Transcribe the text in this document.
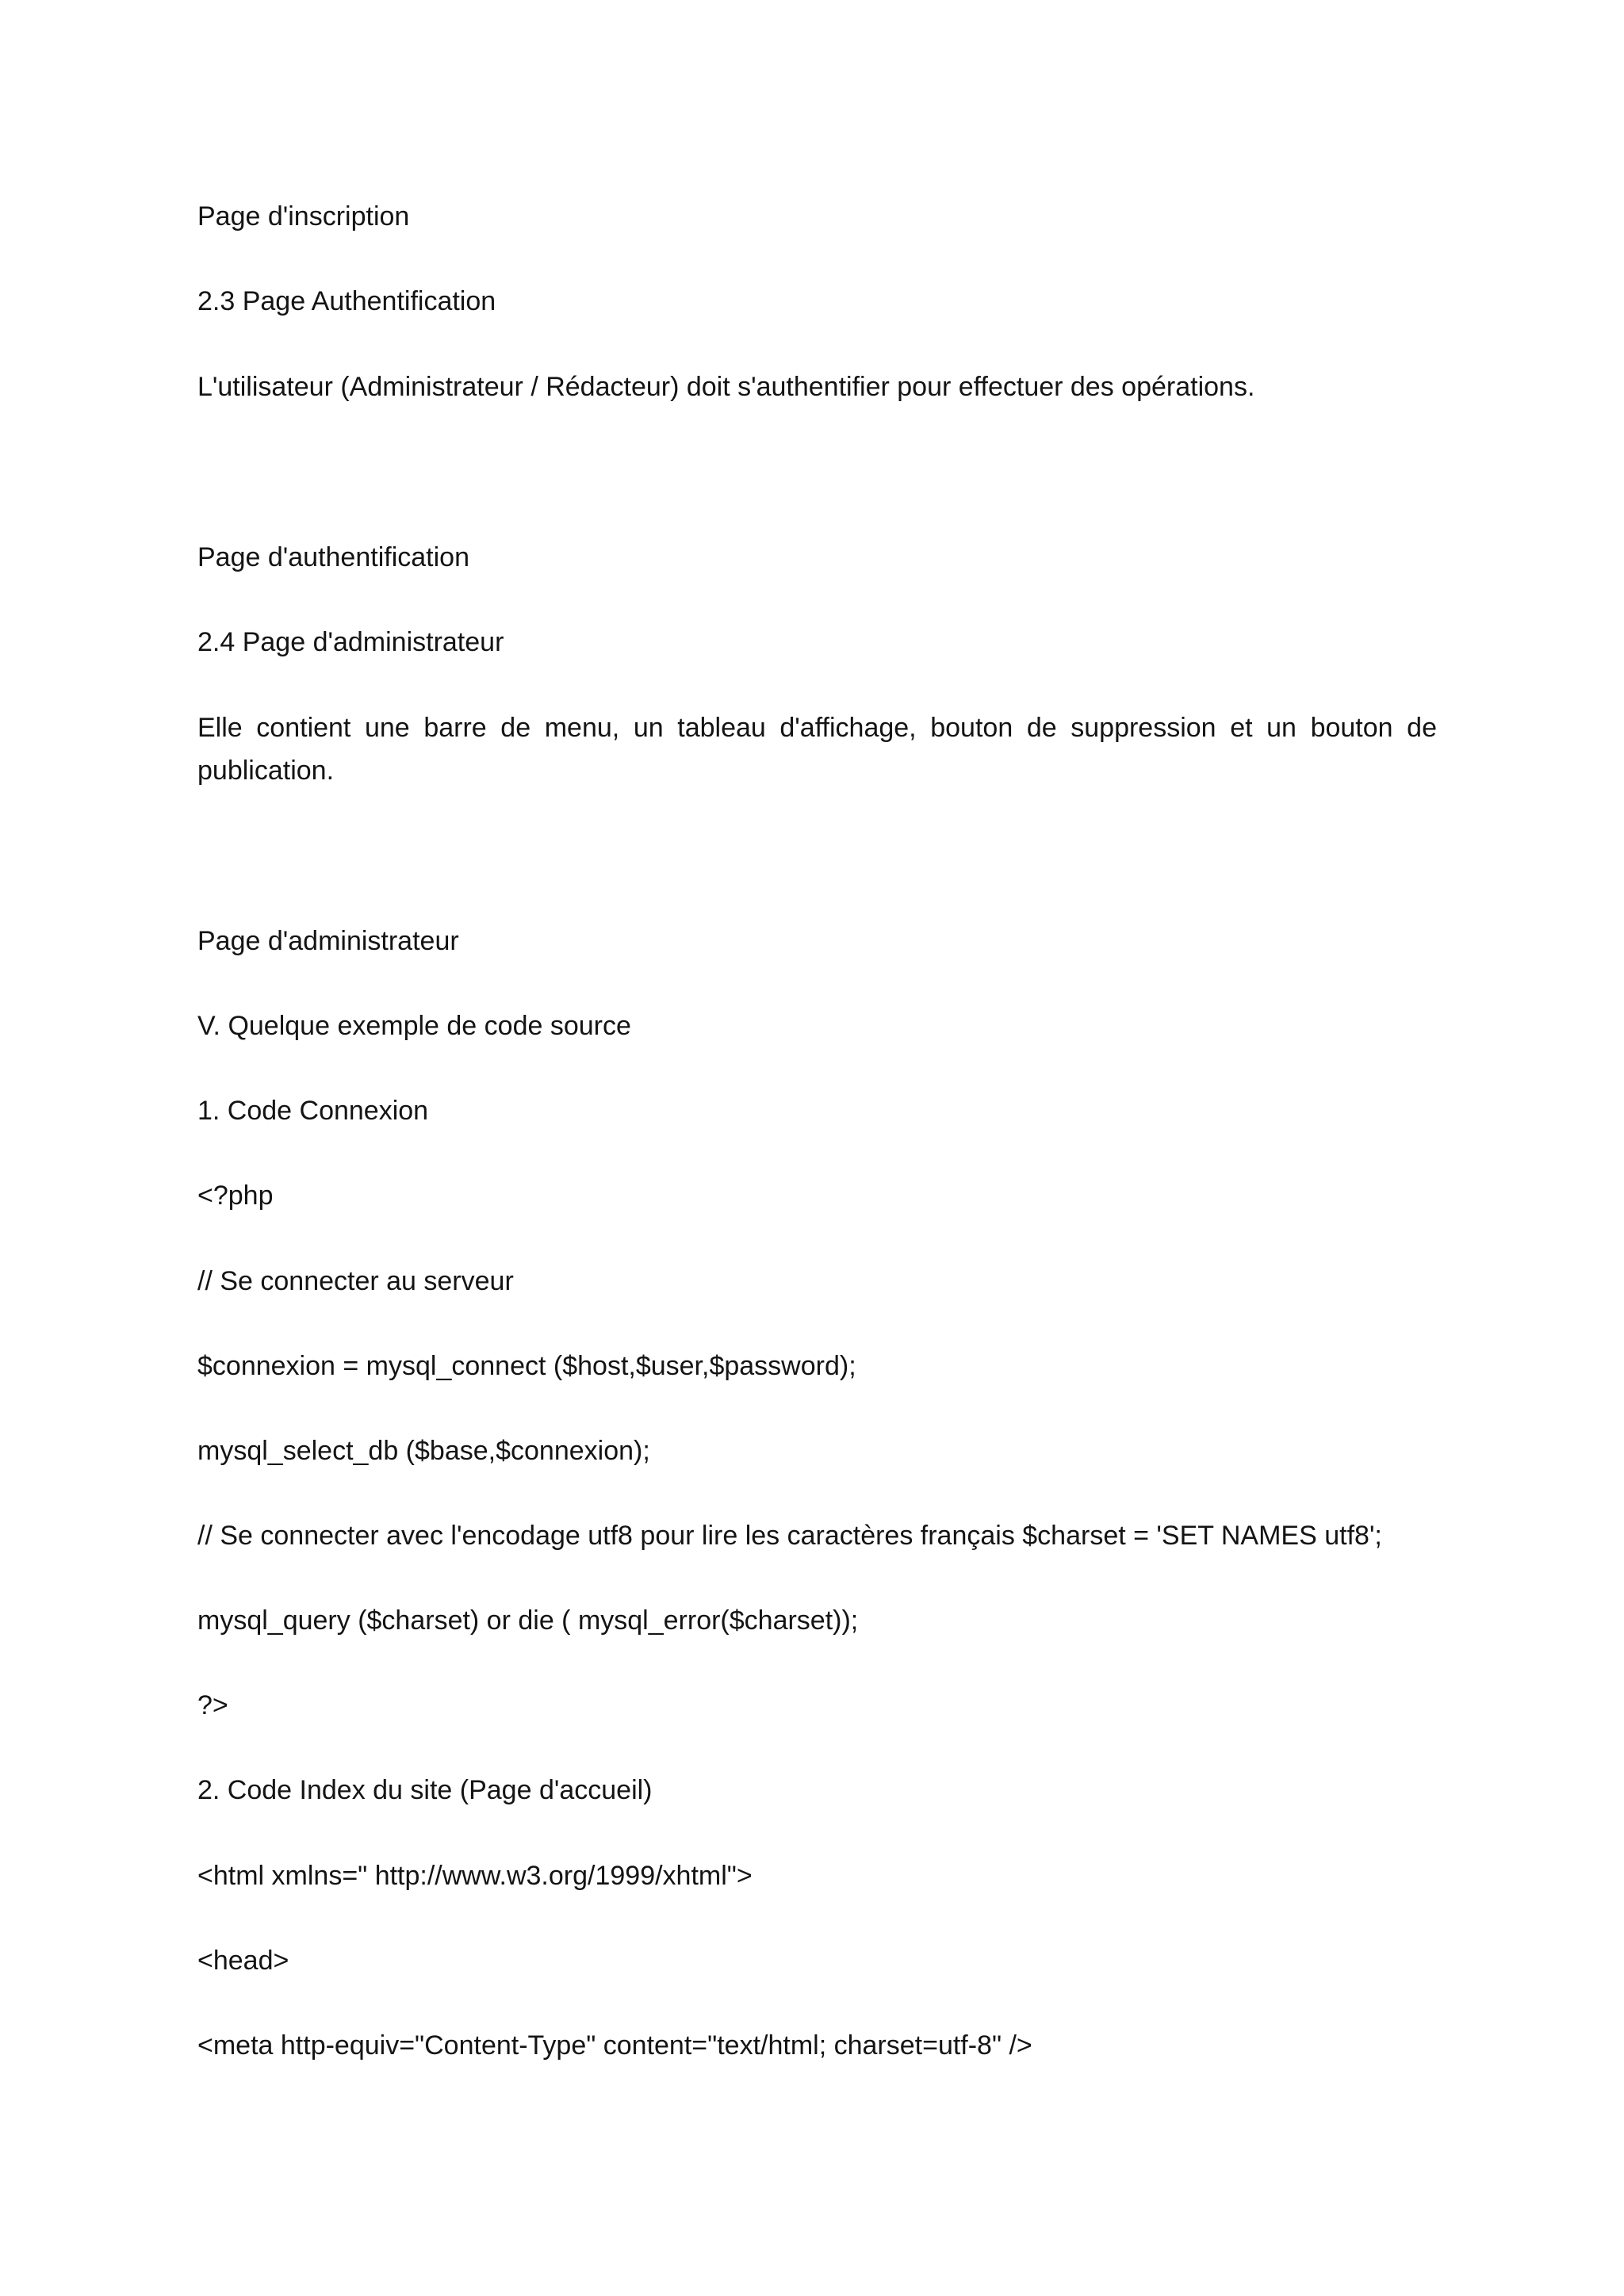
Page d'inscription

2.3 Page Authentification

L'utilisateur (Administrateur / Rédacteur) doit s'authentifier pour effectuer des opérations.

Page d'authentification

2.4 Page d'administrateur

Elle contient une barre de menu, un tableau d'affichage, bouton de suppression et un bouton de publication.

Page d'administrateur

V. Quelque exemple de code source

1. Code Connexion

<?php

// Se connecter au serveur

$connexion = mysql_connect ($host,$user,$password);

mysql_select_db ($base,$connexion);

// Se connecter avec l'encodage utf8 pour lire les caractères français $charset = 'SET NAMES utf8';

mysql_query ($charset) or die ( mysql_error($charset));

?>

2. Code Index du site (Page d'accueil)

<html xmlns=" http://www.w3.org/1999/xhtml">

<head>

<meta http-equiv="Content-Type" content="text/html; charset=utf-8" />
